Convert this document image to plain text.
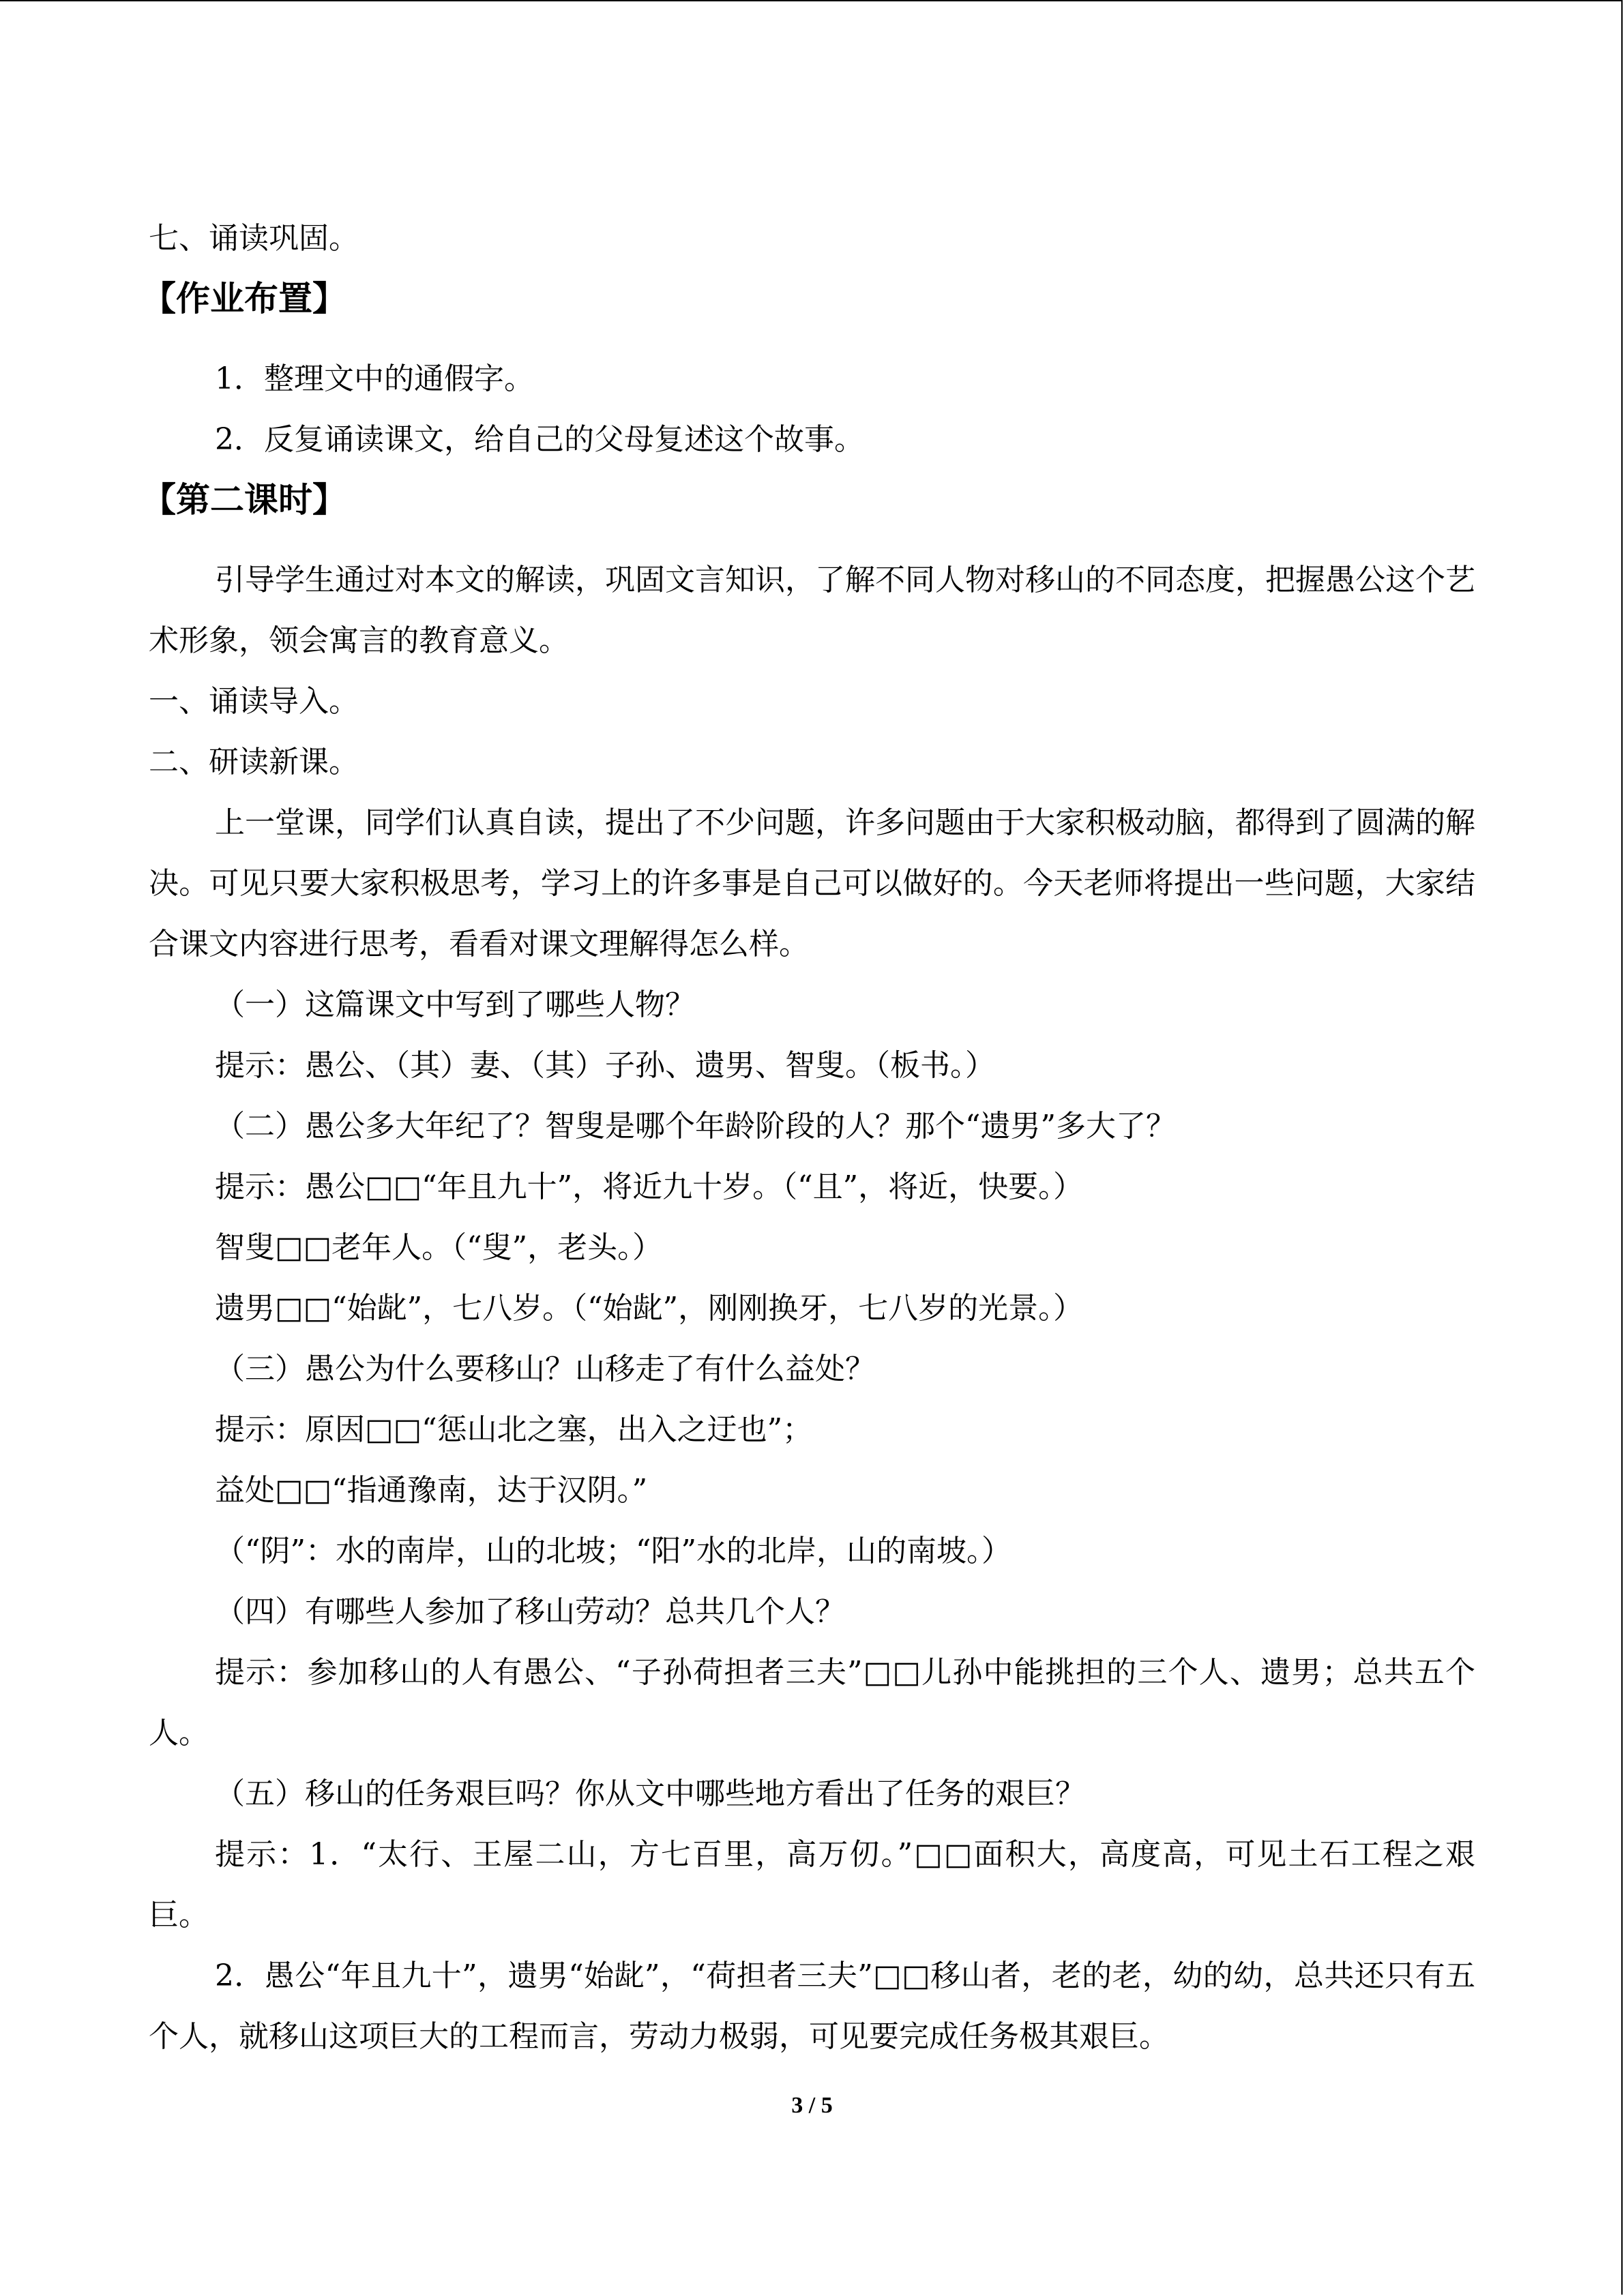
七、诵读巩固。

【作业布置】

1．整理文中的通假字。

2．反复诵读课文，给自己的父母复述这个故事。

【第二课时】

引导学生通过对本文的解读，巩固文言知识，了解不同人物对移山的不同态度，把握愚公这个艺术形象，领会寓言的教育意义。

一、诵读导入。

二、研读新课。

上一堂课，同学们认真自读，提出了不少问题，许多问题由于大家积极动脑，都得到了圆满的解决。可见只要大家积极思考，学习上的许多事是自己可以做好的。今天老师将提出一些问题，大家结合课文内容进行思考，看看对课文理解得怎么样。

（一）这篇课文中写到了哪些人物？

提示：愚公、（其）妻、（其）子孙、遗男、智叟。（板书。）

（二）愚公多大年纪了？智叟是哪个年龄阶段的人？那个“遗男”多大了？

提示：愚公□□“年且九十”，将近九十岁。（“且”，将近，快要。）

智叟□□老年人。（“叟”，老头。）

遗男□□“始龀”，七八岁。（“始龀”，刚刚换牙，七八岁的光景。）

（三）愚公为什么要移山？山移走了有什么益处？

提示：原因□□“惩山北之塞，出入之迂也”；

益处□□“指通豫南，达于汉阴。”

（“阴”：水的南岸，山的北坡；“阳”水的北岸，山的南坡。）

（四）有哪些人参加了移山劳动？总共几个人？

提示：参加移山的人有愚公、“子孙荷担者三夫”□□儿孙中能挑担的三个人、遗男；总共五个人。

（五）移山的任务艰巨吗？你从文中哪些地方看出了任务的艰巨？

提示：1．“太行、王屋二山，方七百里，高万仞。”□□面积大，高度高，可见土石工程之艰巨。

2．愚公“年且九十”，遗男“始龀”，“荷担者三夫”□□移山者，老的老，幼的幼，总共还只有五个人，就移山这项巨大的工程而言，劳动力极弱，可见要完成任务极其艰巨。

3 / 5
